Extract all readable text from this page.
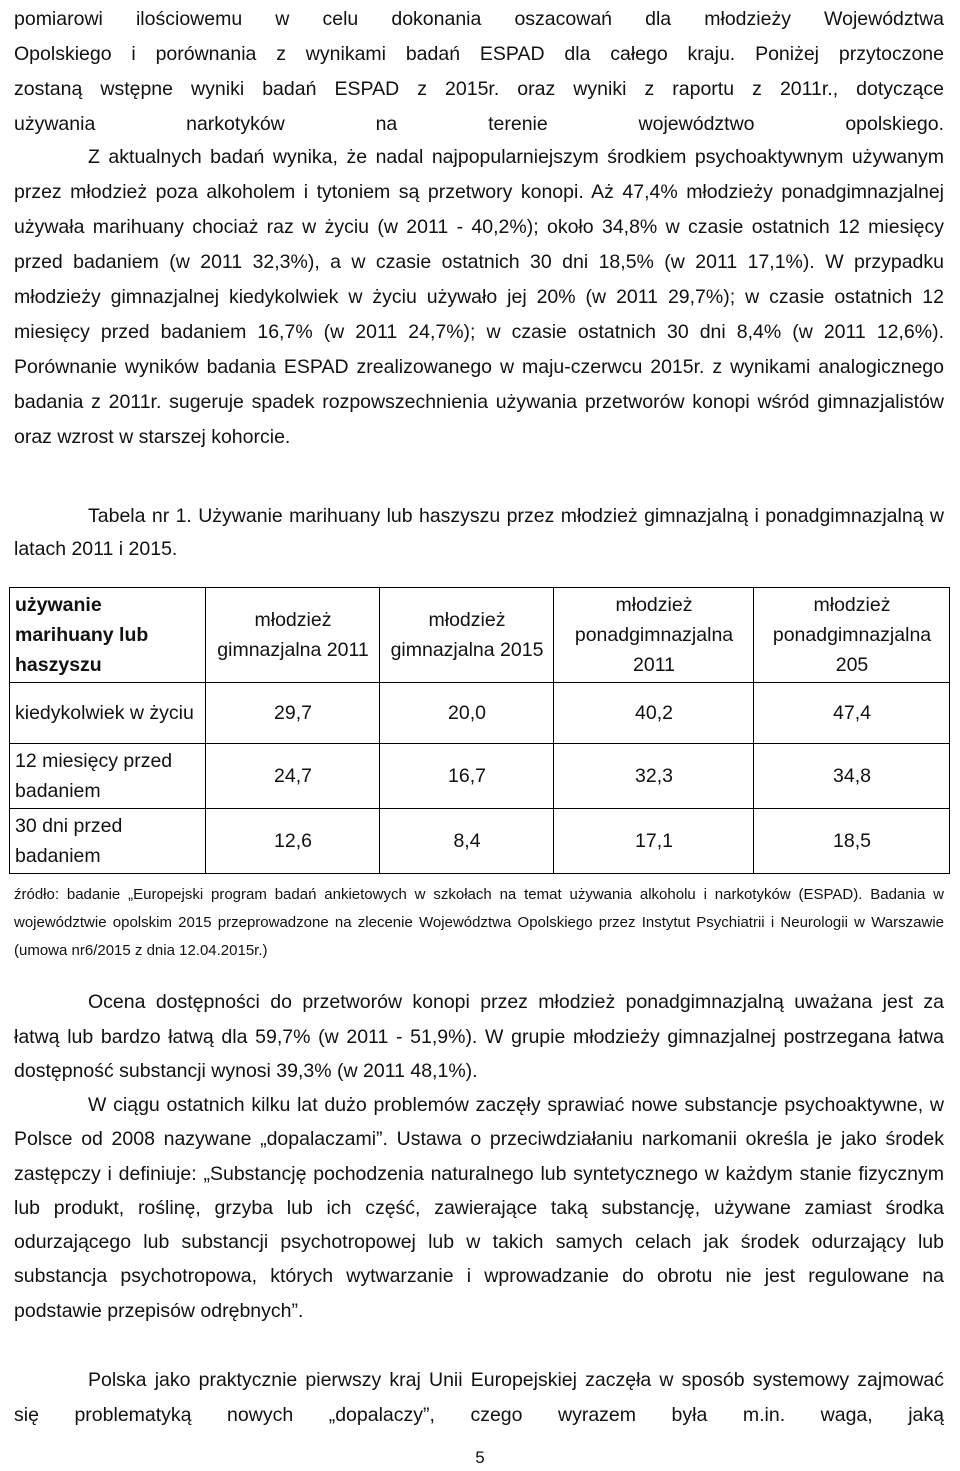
pomiarowi ilościowemu w celu dokonania oszacowań dla młodzieży Województwa
Opolskiego i porównania z wynikami badań ESPAD dla całego kraju. Poniżej przytoczone
zostaną wstępne wyniki badań ESPAD z 2015r. oraz wyniki z raportu z 2011r., dotyczące
używania narkotyków na terenie województwo opolskiego.

Z aktualnych badań wynika, że nadal najpopularniejszym środkiem psychoaktywnym używanym przez młodzież poza alkoholem i tytoniem są przetwory konopi. Aż 47,4% młodzieży ponadgimnazjalnej używała marihuany chociaż raz w życiu (w 2011 - 40,2%); około 34,8% w czasie ostatnich 12 miesięcy przed badaniem (w 2011 32,3%), a w czasie ostatnich 30 dni 18,5% (w 2011 17,1%). W przypadku młodzieży gimnazjalnej kiedykolwiek w życiu używało jej 20% (w 2011 29,7%); w czasie ostatnich 12 miesięcy przed badaniem 16,7% (w 2011 24,7%); w czasie ostatnich 30 dni 8,4% (w 2011 12,6%). Porównanie wyników badania ESPAD zrealizowanego w maju-czerwcu 2015r. z wynikami analogicznego badania z 2011r. sugeruje spadek rozpowszechnienia używania przetworów konopi wśród gimnazjalistów oraz wzrost w starszej kohorcie.

Tabela nr 1. Używanie marihuany lub haszyszu przez młodzież gimnazjalną i ponadgimnazjalną w latach 2011 i 2015.

używanie marihuany lub haszyszu	młodzież gimnazjalna 2011	młodzież gimnazjalna 2015	młodzież ponadgimnazjalna 2011	młodzież ponadgimnazjalna 205
kiedykolwiek w życiu	29,7	20,0	40,2	47,4
12 miesięcy przed badaniem	24,7	16,7	32,3	34,8
30 dni przed badaniem	12,6	8,4	17,1	18,5

źródło: badanie „Europejski program badań ankietowych w szkołach na temat używania alkoholu i narkotyków (ESPAD). Badania w województwie opolskim 2015 przeprowadzone na zlecenie Województwa Opolskiego przez Instytut Psychiatrii i Neurologii w Warszawie (umowa nr6/2015 z dnia 12.04.2015r.)

Ocena dostępności do przetworów konopi przez młodzież ponadgimnazjalną uważana jest za łatwą lub bardzo łatwą dla 59,7% (w 2011 - 51,9%). W grupie młodzieży gimnazjalnej postrzegana łatwa dostępność substancji wynosi 39,3% (w 2011 48,1%).

W ciągu ostatnich kilku lat dużo problemów zaczęły sprawiać nowe substancje psychoaktywne, w Polsce od 2008 nazywane „dopalaczami”. Ustawa o przeciwdziałaniu narkomanii określa je jako środek zastępczy i definiuje: „Substancję pochodzenia naturalnego lub syntetycznego w każdym stanie fizycznym lub produkt, roślinę, grzyba lub ich część, zawierające taką substancję, używane zamiast środka odurzającego lub substancji psychotropowej lub w takich samych celach jak środek odurzający lub substancja psychotropowa, których wytwarzanie i wprowadzanie do obrotu nie jest regulowane na podstawie przepisów odrębnych”.

Polska jako praktycznie pierwszy kraj Unii Europejskiej zaczęła w sposób systemowy zajmować się problematyką nowych „dopalaczy”, czego wyrazem była m.in. waga, jaką

5
